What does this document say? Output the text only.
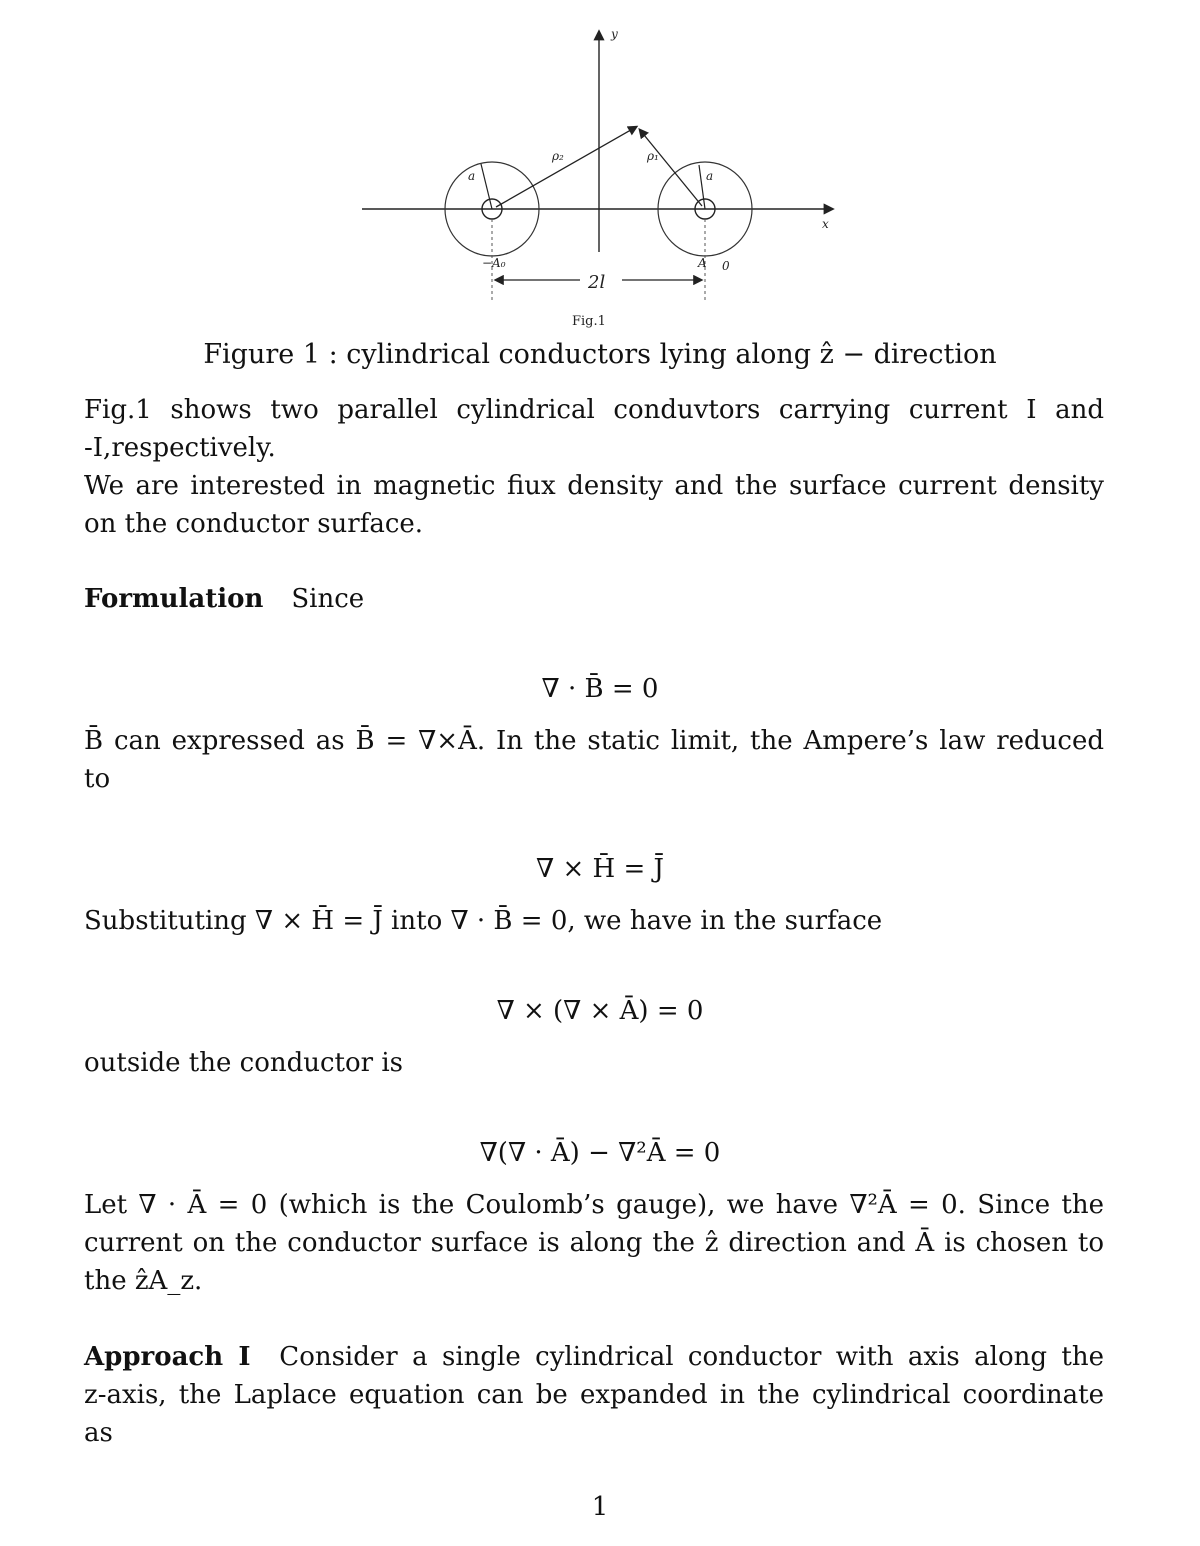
y
x
a	a
ρ₂	ρ₁
−A₀	A 0
2l
Fig.1
Figure 1 : cylindrical conductors lying along ẑ − direction
Fig.1 shows two parallel cylindrical conduvtors carrying current I and
-I,respectively.
We are interested in magnetic fiux density and the surface current density
on the conductor surface.
Formulation Since
∇ · B̄ = 0
B̄ can expressed as B̄ = ∇×Ā. In the static limit, the Ampere’s law reduced
to
∇ × H̄ = J̄
Substituting ∇ × H̄ = J̄ into ∇ · B̄ = 0, we have in the surface
∇ × (∇ × Ā) = 0
outside the conductor is
∇(∇ · Ā) − ∇²Ā = 0
Let ∇ · Ā = 0 (which is the Coulomb’s gauge), we have ∇²Ā = 0. Since the
current on the conductor surface is along the ẑ direction and Ā is chosen to
the ẑA_z.
Approach I Consider a single cylindrical conductor with axis along the
z-axis, the Laplace equation can be expanded in the cylindrical coordinate
as
1
